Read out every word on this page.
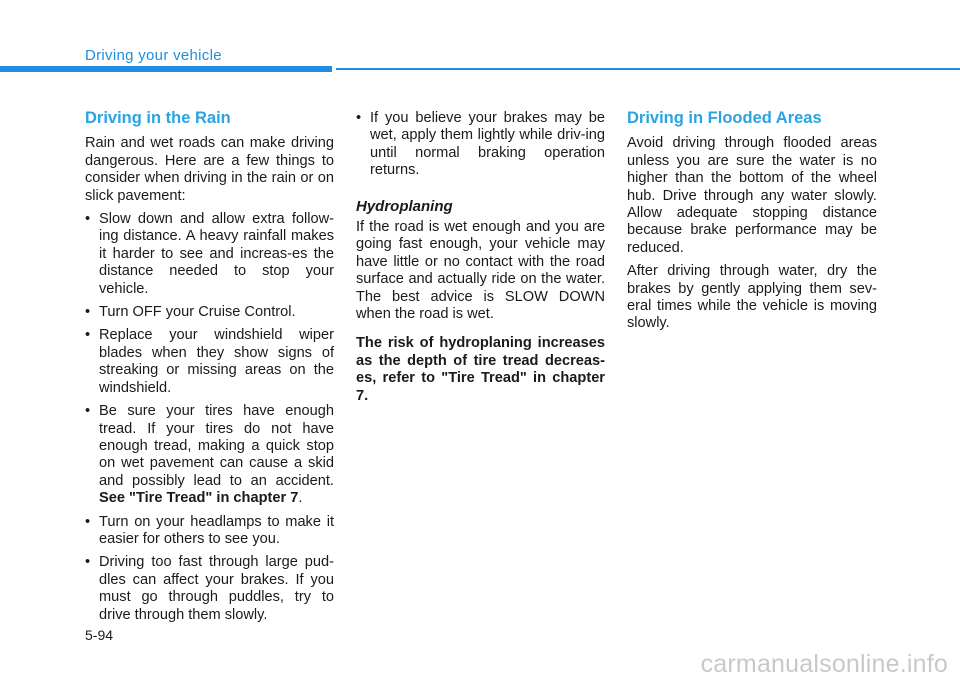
Driving your vehicle
Driving in the Rain

Rain and wet roads can make driving dangerous. Here are a few things to consider when driving in the rain or on slick pavement:

• Slow down and allow extra follow-ing distance. A heavy rainfall makes it harder to see and increas-es the distance needed to stop your vehicle.
• Turn OFF your Cruise Control.
• Replace your windshield wiper blades when they show signs of streaking or missing areas on the windshield.
• Be sure your tires have enough tread. If your tires do not have enough tread, making a quick stop on wet pavement can cause a skid and possibly lead to an accident. See "Tire Tread" in chapter 7.
• Turn on your headlamps to make it easier for others to see you.
• Driving too fast through large pud-dles can affect your brakes. If you must go through puddles, try to drive through them slowly.
• If you believe your brakes may be wet, apply them lightly while driv-ing until normal braking operation returns.
Hydroplaning

If the road is wet enough and you are going fast enough, your vehicle may have little or no contact with the road surface and actually ride on the water. The best advice is SLOW DOWN when the road is wet.

The risk of hydroplaning increases as the depth of tire tread decreas-es, refer to "Tire Tread" in chapter 7.

Driving in Flooded Areas

Avoid driving through flooded areas unless you are sure the water is no higher than the bottom of the wheel hub. Drive through any water slowly. Allow adequate stopping distance because brake performance may be reduced.

After driving through water, dry the brakes by gently applying them sev-eral times while the vehicle is moving slowly.

5-94
carmanualsonline.info
